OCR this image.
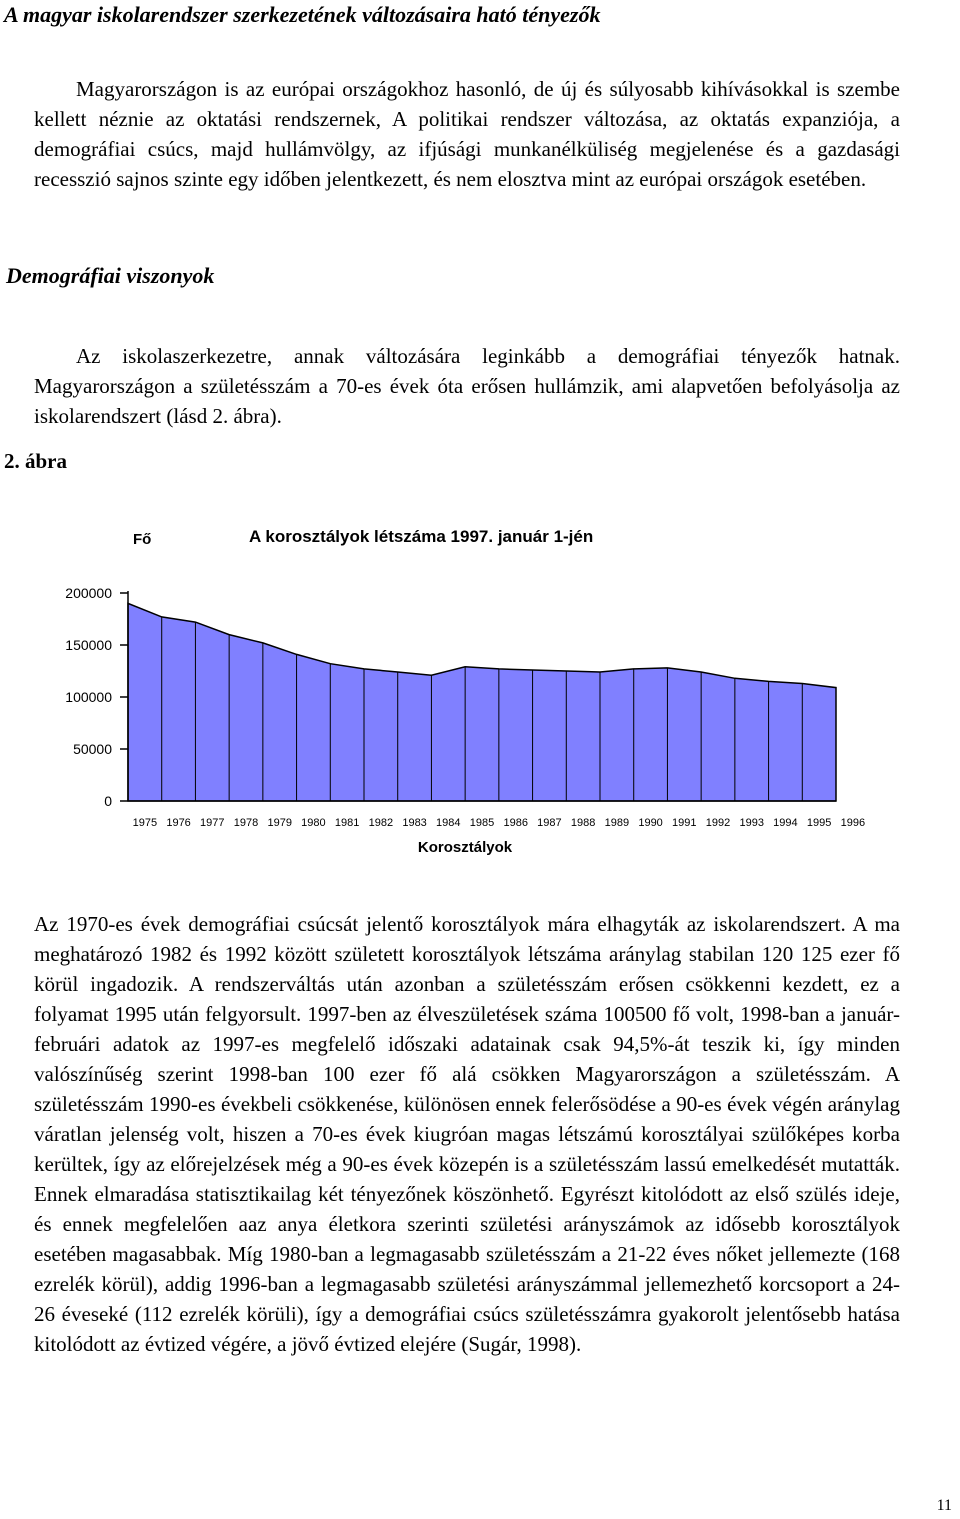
A magyar iskolarendszer szerkezetének változásaira ható tényezők

Magyarországon is az európai országokhoz hasonló, de új és súlyosabb kihívásokkal is szembe kellett néznie az oktatási rendszernek, A politikai rendszer változása, az oktatás expanziója, a demográfiai csúcs, majd hullámvölgy, az ifjúsági munkanélküliség megjelenése és a gazdasági recesszió sajnos szinte egy időben jelentkezett, és nem elosztva mint az európai országok esetében.

Demográfiai viszonyok

Az iskolaszerkezetre, annak változására leginkább a demográfiai tényezők hatnak. Magyarországon a születésszám a 70-es évek óta erősen hullámzik, ami alapvetően befolyásolja az iskolarendszert (lásd 2. ábra).

2. ábra

A korosztályok létszáma 1997. január 1-jén
Fő
200000
150000
100000
50000
0
1975 1976 1977 1978 1979 1980 1981 1982 1983 1984 1985 1986 1987 1988 1989 1990 1991 1992 1993 1994 1995 1996
Korosztályok

Az 1970-es évek demográfiai csúcsát jelentő korosztályok mára elhagyták az iskolarendszert. A ma meghatározó 1982 és 1992 között született korosztályok létszáma aránylag stabilan 120 125 ezer fő körül ingadozik. A rendszerváltás után azonban a születésszám erősen csökkenni kezdett, ez a folyamat 1995 után felgyorsult. 1997-ben az élveszületések száma 100500 fő volt, 1998-ban a január-februári adatok az 1997-es megfelelő időszaki adatainak csak 94,5%-át teszik ki, így minden valószínűség szerint 1998-ban 100 ezer fő alá csökken Magyarországon a születésszám. A születésszám 1990-es évekbeli csökkenése, különösen ennek felerősödése a 90-es évek végén aránylag váratlan jelenség volt, hiszen a 70-es évek kiugróan magas létszámú korosztályai szülőképes korba kerültek, így az előrejelzések még a 90-es évek közepén is a születésszám lassú emelkedését mutatták. Ennek elmaradása statisztikailag két tényezőnek köszönhető. Egyrészt kitolódott az első szülés ideje, és ennek megfelelően aaz anya életkora szerinti születési arányszámok az idősebb korosztályok esetében magasabbak. Míg 1980-ban a legmagasabb születésszám a 21-22 éves nőket jellemezte (168 ezrelék körül), addig 1996-ban a legmagasabb születési arányszámmal jellemezhető korcsoport a 24-26 éveseké (112 ezrelék körüli), így a demográfiai csúcs születésszámra gyakorolt jelentősebb hatása kitolódott az évtized végére, a jövő évtized elejére (Sugár, 1998).

11
